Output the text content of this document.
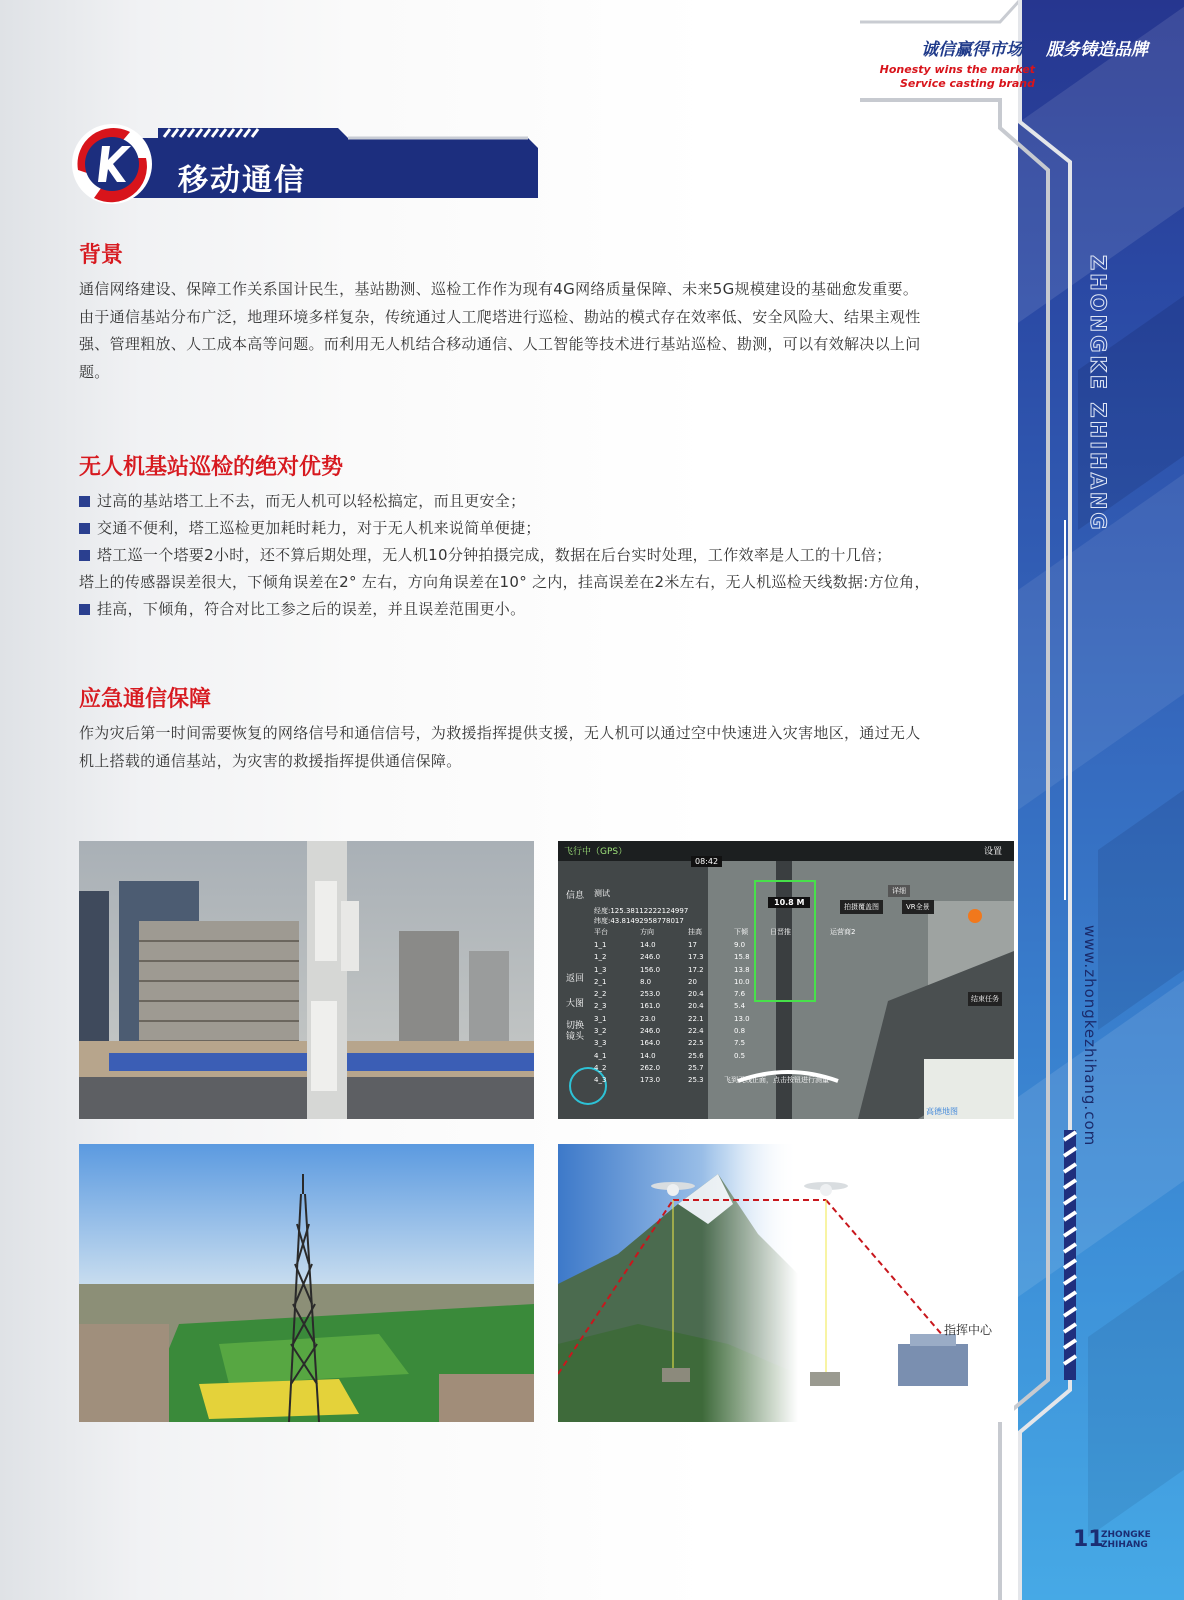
诚信赢得市场 服务铸造品牌
Honesty wins the market
Service casting brand
ZHONGKE ZHIHANG
www.zhongkezhihang.com
移动通信
背景
通信网络建设、保障工作关系国计民生，基站勘测、巡检工作作为现有4G网络质量保障、未来5G规模建设的基础愈发重要。
由于通信基站分布广泛，地理环境多样复杂，传统通过人工爬塔进行巡检、勘站的模式存在效率低、安全风险大、结果主观性
强、管理粗放、人工成本高等问题。而利用无人机结合移动通信、人工智能等技术进行基站巡检、勘测，可以有效解决以上问
题。
无人机基站巡检的绝对优势
过高的基站塔工上不去，而无人机可以轻松搞定，而且更安全；
交通不便利，塔工巡检更加耗时耗力，对于无人机来说简单便捷；
塔工巡一个塔要2小时，还不算后期处理，无人机10分钟拍摄完成，数据在后台实时处理，工作效率是人工的十几倍；
塔上的传感器误差很大，下倾角误差在2° 左右，方向角误差在10° 之内，挂高误差在2米左右，无人机巡检天线数据:方位角，
挂高，下倾角，符合对比工参之后的误差，并且误差范围更小。
应急通信保障
作为灾后第一时间需要恢复的网络信号和通信信号，为救援指挥提供支援，无人机可以通过空中快速进入灾害地区，通过无人
机上搭载的通信基站，为灾害的救援指挥提供通信保障。
飞行中（GPS）	设置
08:42
信息
返回
大图
切换镜头
测试
经度:125.38112222124997
纬度:43.81492958778017
平台	方向	挂高	下倾	日晋推	运营商2
1_1	14.0	17	9.0
1_2	246.0	17.3	15.8
1_3	156.0	17.2	13.8
2_1	8.0	20	10.0
2_2	253.0	20.4	7.6
2_3	161.0	20.4	5.4
3_1	23.0	22.1	13.0
3_2	246.0	22.4	0.8
3_3	164.0	22.5	7.5
4_1	14.0	25.6	0.5
4_2	262.0	25.7
4_3	173.0	25.3
10.8 M
详细
拍摄覆盖图	VR全景
结束任务
飞到天线正面，点击按钮进行测量
高德地图
指挥中心
11
ZHONGKE
ZHIHANG
